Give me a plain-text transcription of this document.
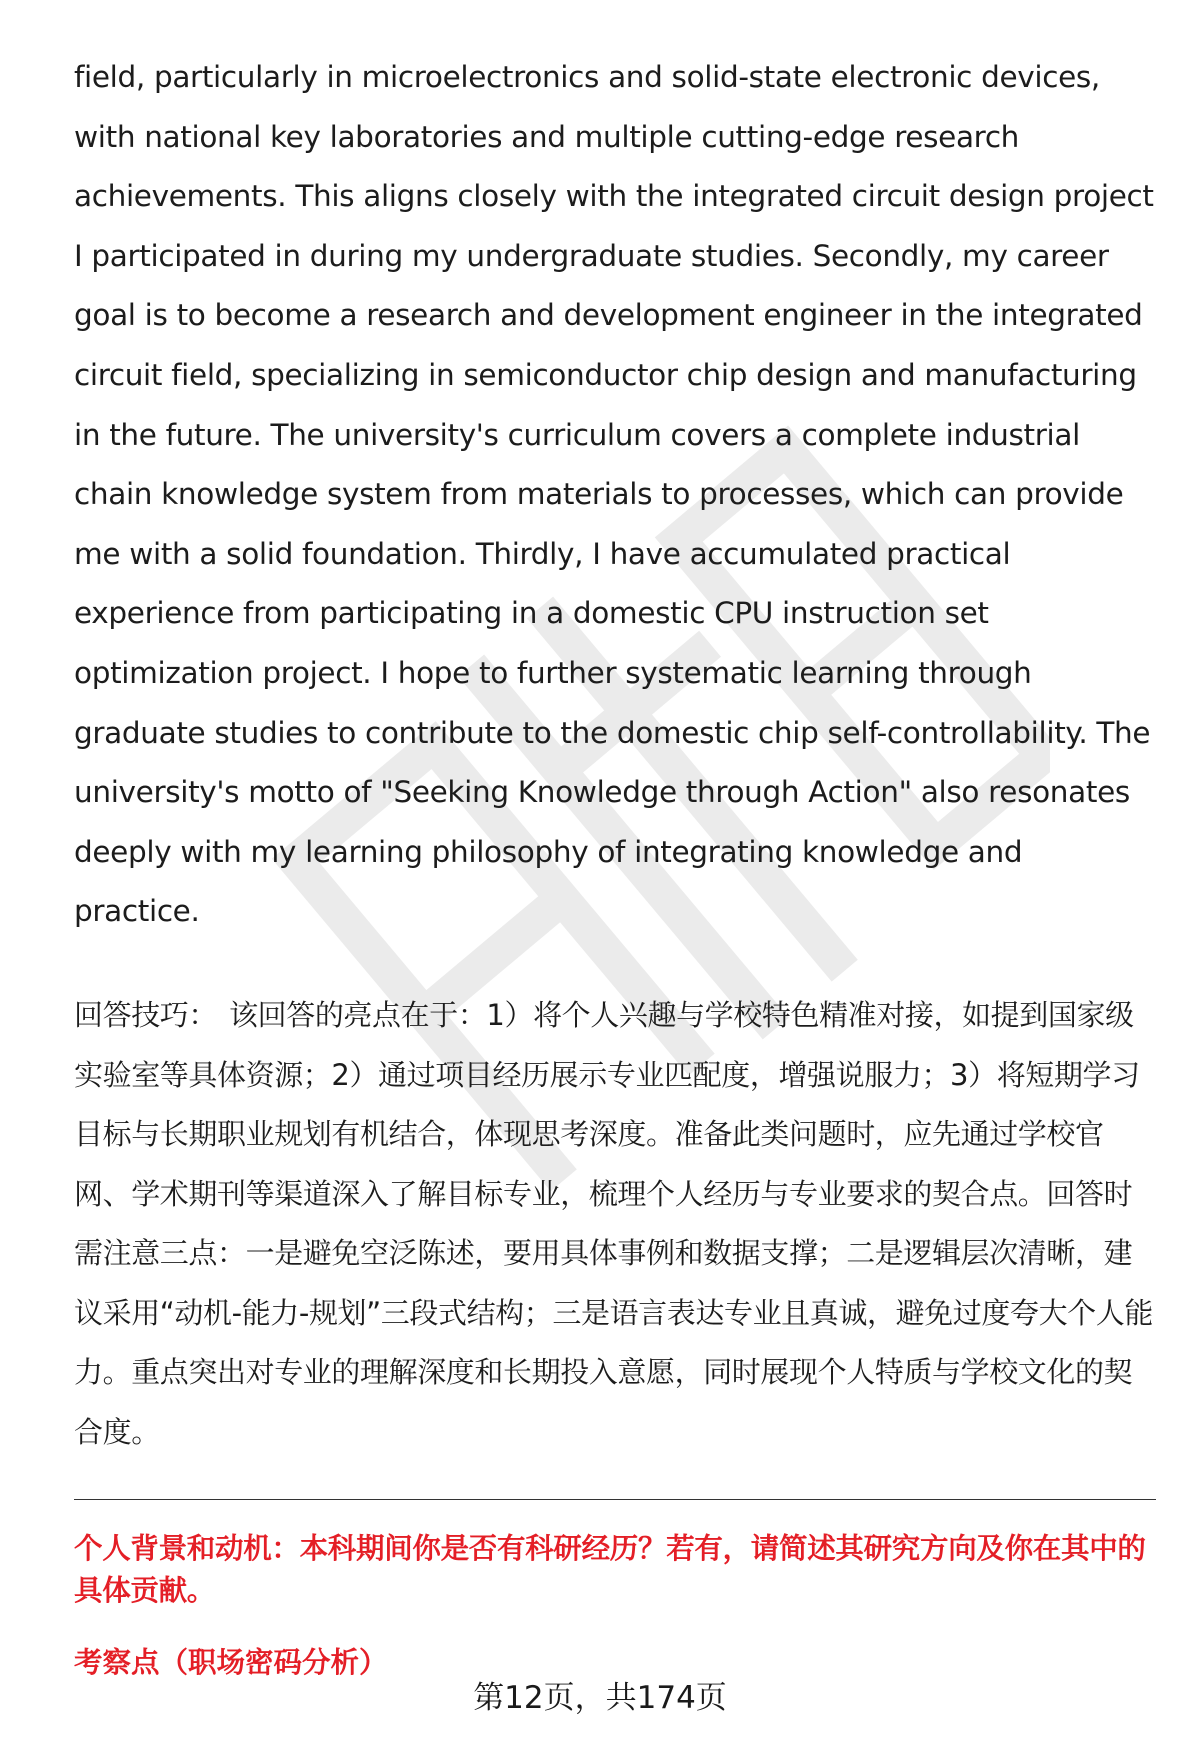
field, particularly in microelectronics and solid-state electronic devices, with national key laboratories and multiple cutting-edge research achievements. This aligns closely with the integrated circuit design project I participated in during my undergraduate studies. Secondly, my career goal is to become a research and development engineer in the integrated circuit field, specializing in semiconductor chip design and manufacturing in the future. The university's curriculum covers a complete industrial chain knowledge system from materials to processes, which can provide me with a solid foundation. Thirdly, I have accumulated practical experience from participating in a domestic CPU instruction set optimization project. I hope to further systematic learning through graduate studies to contribute to the domestic chip self-controllability. The university's motto of "Seeking Knowledge through Action" also resonates deeply with my learning philosophy of integrating knowledge and practice.

回答技巧： 该回答的亮点在于：1）将个人兴趣与学校特色精准对接，如提到国家级实验室等具体资源；2）通过项目经历展示专业匹配度，增强说服力；3）将短期学习目标与长期职业规划有机结合，体现思考深度。准备此类问题时，应先通过学校官网、学术期刊等渠道深入了解目标专业，梳理个人经历与专业要求的契合点。回答时需注意三点：一是避免空泛陈述，要用具体事例和数据支撑；二是逻辑层次清晰，建议采用“动机-能力-规划”三段式结构；三是语言表达专业且真诚，避免过度夸大个人能力。重点突出对专业的理解深度和长期投入意愿，同时展现个人特质与学校文化的契合度。

个人背景和动机：本科期间你是否有科研经历？若有，请简述其研究方向及你在其中的具体贡献。

考察点（职场密码分析）

第12页，共174页
